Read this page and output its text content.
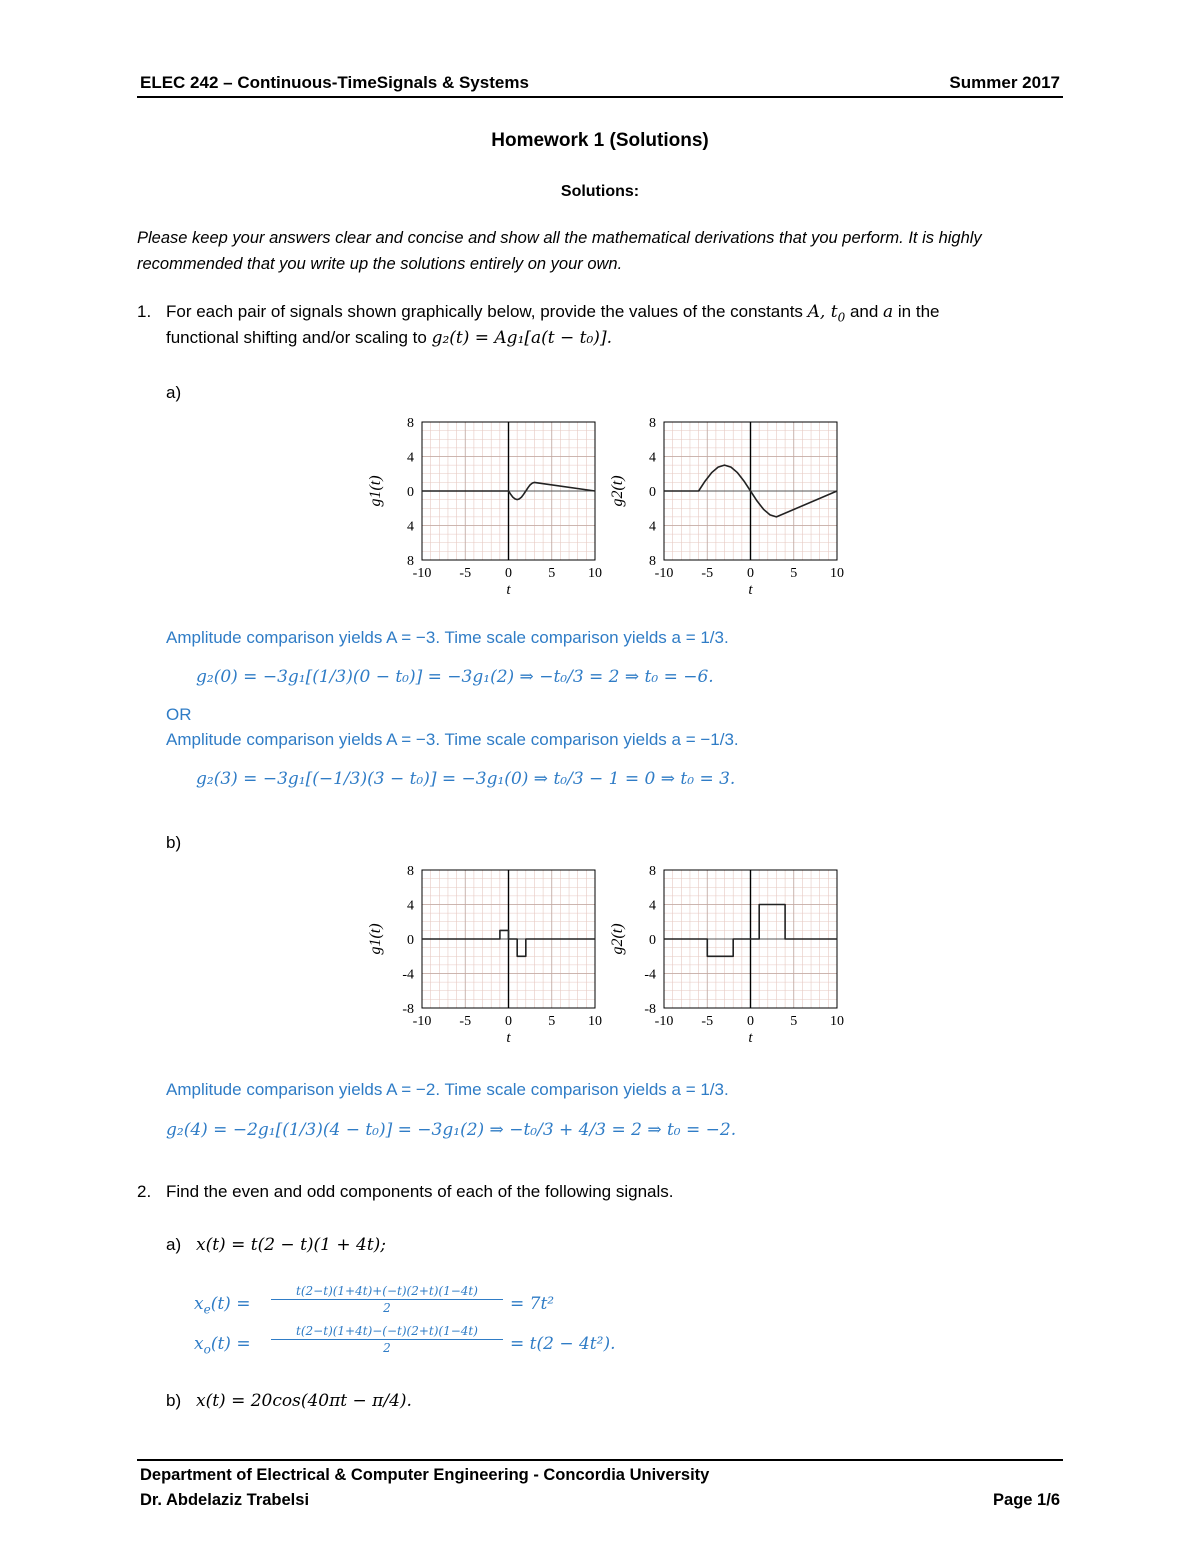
ELEC 242 – Continuous-TimeSignals & Systems	Summer 2017
Homework 1 (Solutions)
Solutions:
Please keep your answers clear and concise and show all the mathematical derivations that you perform. It is highly recommended that you write up the solutions entirely on your own.
1. For each pair of signals shown graphically below, provide the values of the constants A, $t_0$ and a in the
functional shifting and/or scaling to g₂(t) = Ag₁[a(t − t₀)].
a)
-10 -5 0	5 10
8
4
0
4
8
t
g1(t)
-10 -5 0	5 10
8
4
0
4
8
t
g2(t)
Amplitude comparison yields A = −3. Time scale comparison yields a = 1/3.
g₂(0) = −3g₁[(1/3)(0 − t₀)] = −3g₁(2) ⇒ −t₀/3 = 2 ⇒ t₀ = −6.
OR
Amplitude comparison yields A = −3. Time scale comparison yields a = −1/3.
g₂(3) = −3g₁[(−1/3)(3 − t₀)] = −3g₁(0) ⇒ t₀/3 − 1 = 0 ⇒ t₀ = 3.
b)
-10 -5 0	5 10
8
4
0
-4
-8
t
g1(t)
-10 -5 0	5 10
8
4
0
-4
-8
t
g2(t)
Amplitude comparison yields A = −2. Time scale comparison yields a = 1/3.
g₂(4) = −2g₁[(1/3)(4 − t₀)] = −3g₁(2) ⇒ −t₀/3 + 4/3 = 2 ⇒ t₀ = −2.
2. Find the even and odd components of each of the following signals.
a) x(t) = t(2 − t)(1 + 4t);
$x_e(t)$ =
t(2−t)(1+4t)+(−t)(2+t)(1−4t)
2	= 7t²
$x_o(t)$ =
t(2−t)(1+4t)−(−t)(2+t)(1−4t)
2	= t(2 − 4t²).
b) x(t) = 20cos(40πt − π/4).
Department of Electrical & Computer Engineering - Concordia University
Dr. Abdelaziz Trabelsi	Page 1/6
